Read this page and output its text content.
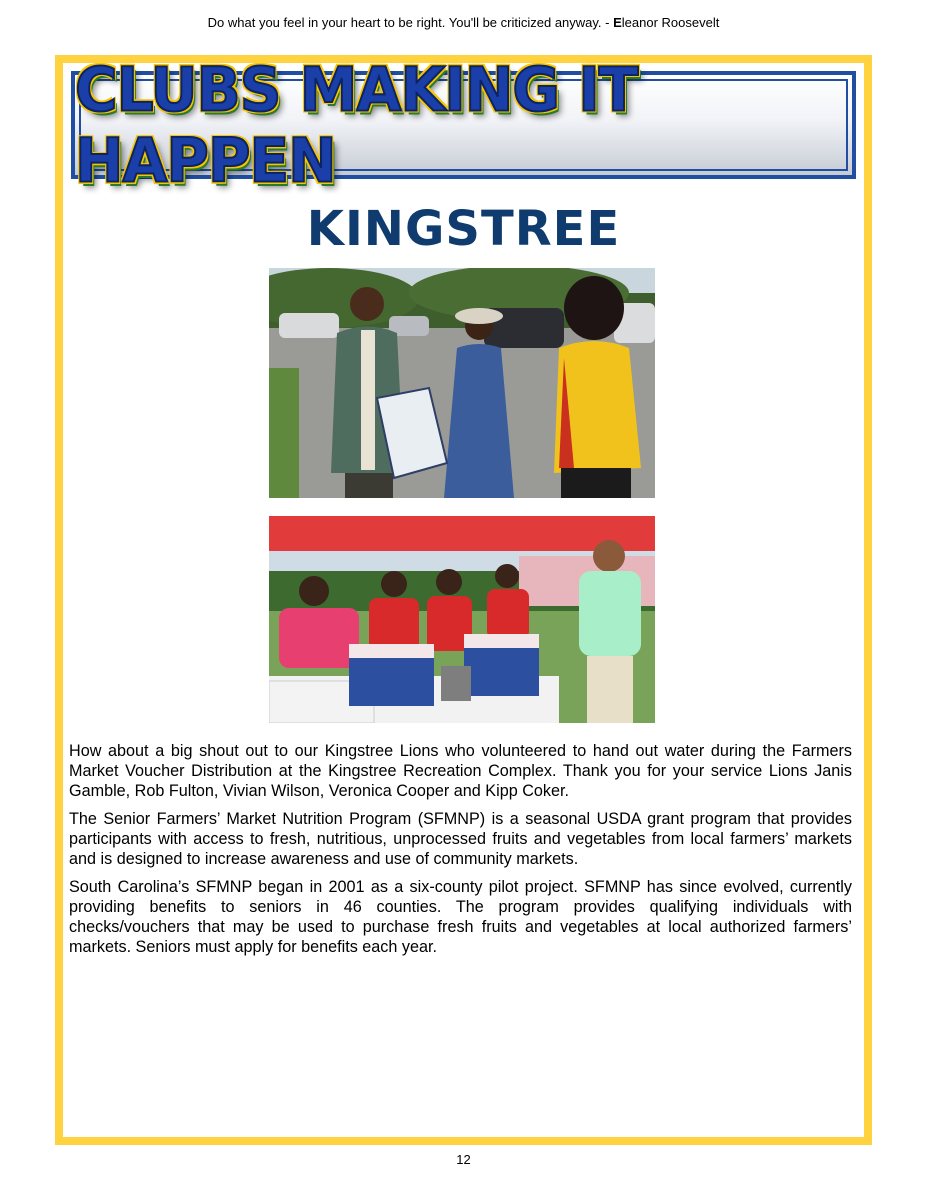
Do what you feel in your heart to be right. You'll be criticized anyway. - Eleanor Roosevelt
CLUBS MAKING IT HAPPEN
KINGSTREE

How about a big shout out to our Kingstree Lions who volunteered to hand out water during the Farmers Market Voucher Distribution at the Kingstree Recreation Complex. Thank you for your service Lions Janis Gamble, Rob Fulton, Vivian Wilson, Veronica Cooper and Kipp Coker.

The Senior Farmers’ Market Nutrition Program (SFMNP) is a seasonal USDA grant program that provides participants with access to fresh, nutritious, unprocessed fruits and vegetables from local farmers’ markets and is designed to increase awareness and use of community markets.

South Carolina’s SFMNP began in 2001 as a six-county pilot project. SFMNP has since evolved, currently providing benefits to seniors in 46 counties. The program provides qualifying individuals with checks/vouchers that may be used to purchase fresh fruits and vegetables at local authorized farmers’ markets. Seniors must apply for benefits each year.

12
